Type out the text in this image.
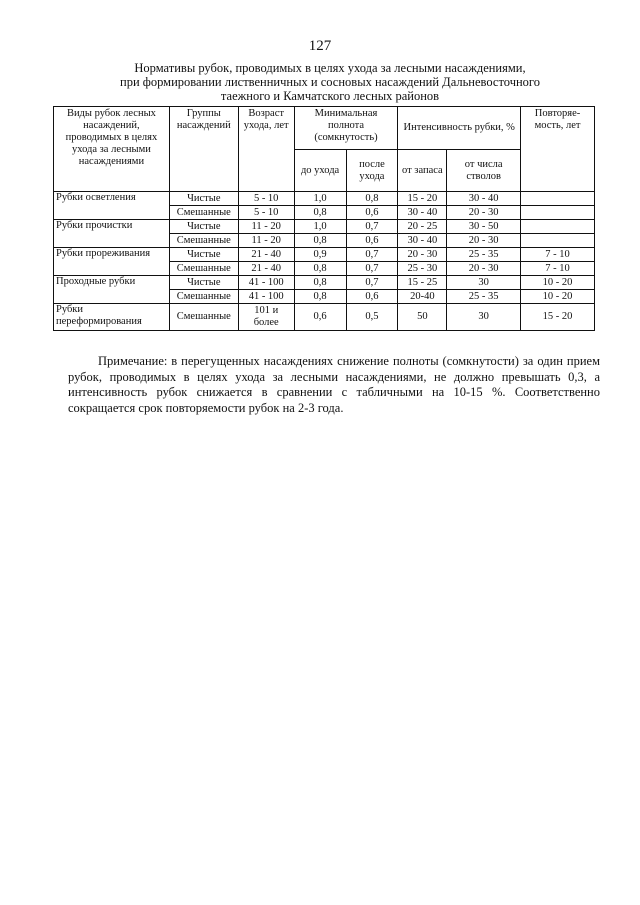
127
Нормативы рубок, проводимых в целях ухода за лесными насаждениями,
при формировании лиственничных и сосновых насаждений Дальневосточного
таежного и Камчатского лесных районов
Виды рубок лесных насаждений, проводимых в целях ухода за лесными насаждениями	Группы насаждений	Возраст ухода, лет	Минимальная полнота (сомкнутость)		Интенсивность рубки, %		Повторяе-мость, лет
			до ухода	после ухода	от запаса	от числа стволов	
Рубки осветления	Чистые	5 - 10	1,0	0,8	15 - 20	30 - 40	
	Смешанные	5 - 10	0,8	0,6	30 - 40	20 - 30	
Рубки прочистки	Чистые	11 - 20	1,0	0,7	20 - 25	30 - 50	
	Смешанные	11 - 20	0,8	0,6	30 - 40	20 - 30	
Рубки прореживания	Чистые	21 - 40	0,9	0,7	20 - 30	25 - 35	7 - 10
	Смешанные	21 - 40	0,8	0,7	25 - 30	20 - 30	7 - 10
Проходные рубки	Чистые	41 - 100	0,8	0,7	15 - 25	30	10 - 20
	Смешанные	41 - 100	0,8	0,6	20-40	25 - 35	10 - 20
Рубки переформирования	Смешанные	101 и более	0,6	0,5	50	30	15 - 20

Примечание: в перегущенных насаждениях снижение полноты (сомкнутости) за один прием рубок, проводимых в целях ухода за лесными насаждениями, не должно превышать 0,3, а интенсивность рубок снижается в сравнении с табличными на 10-15 %. Соответственно сокращается срок повторяемости рубок на 2-3 года.
